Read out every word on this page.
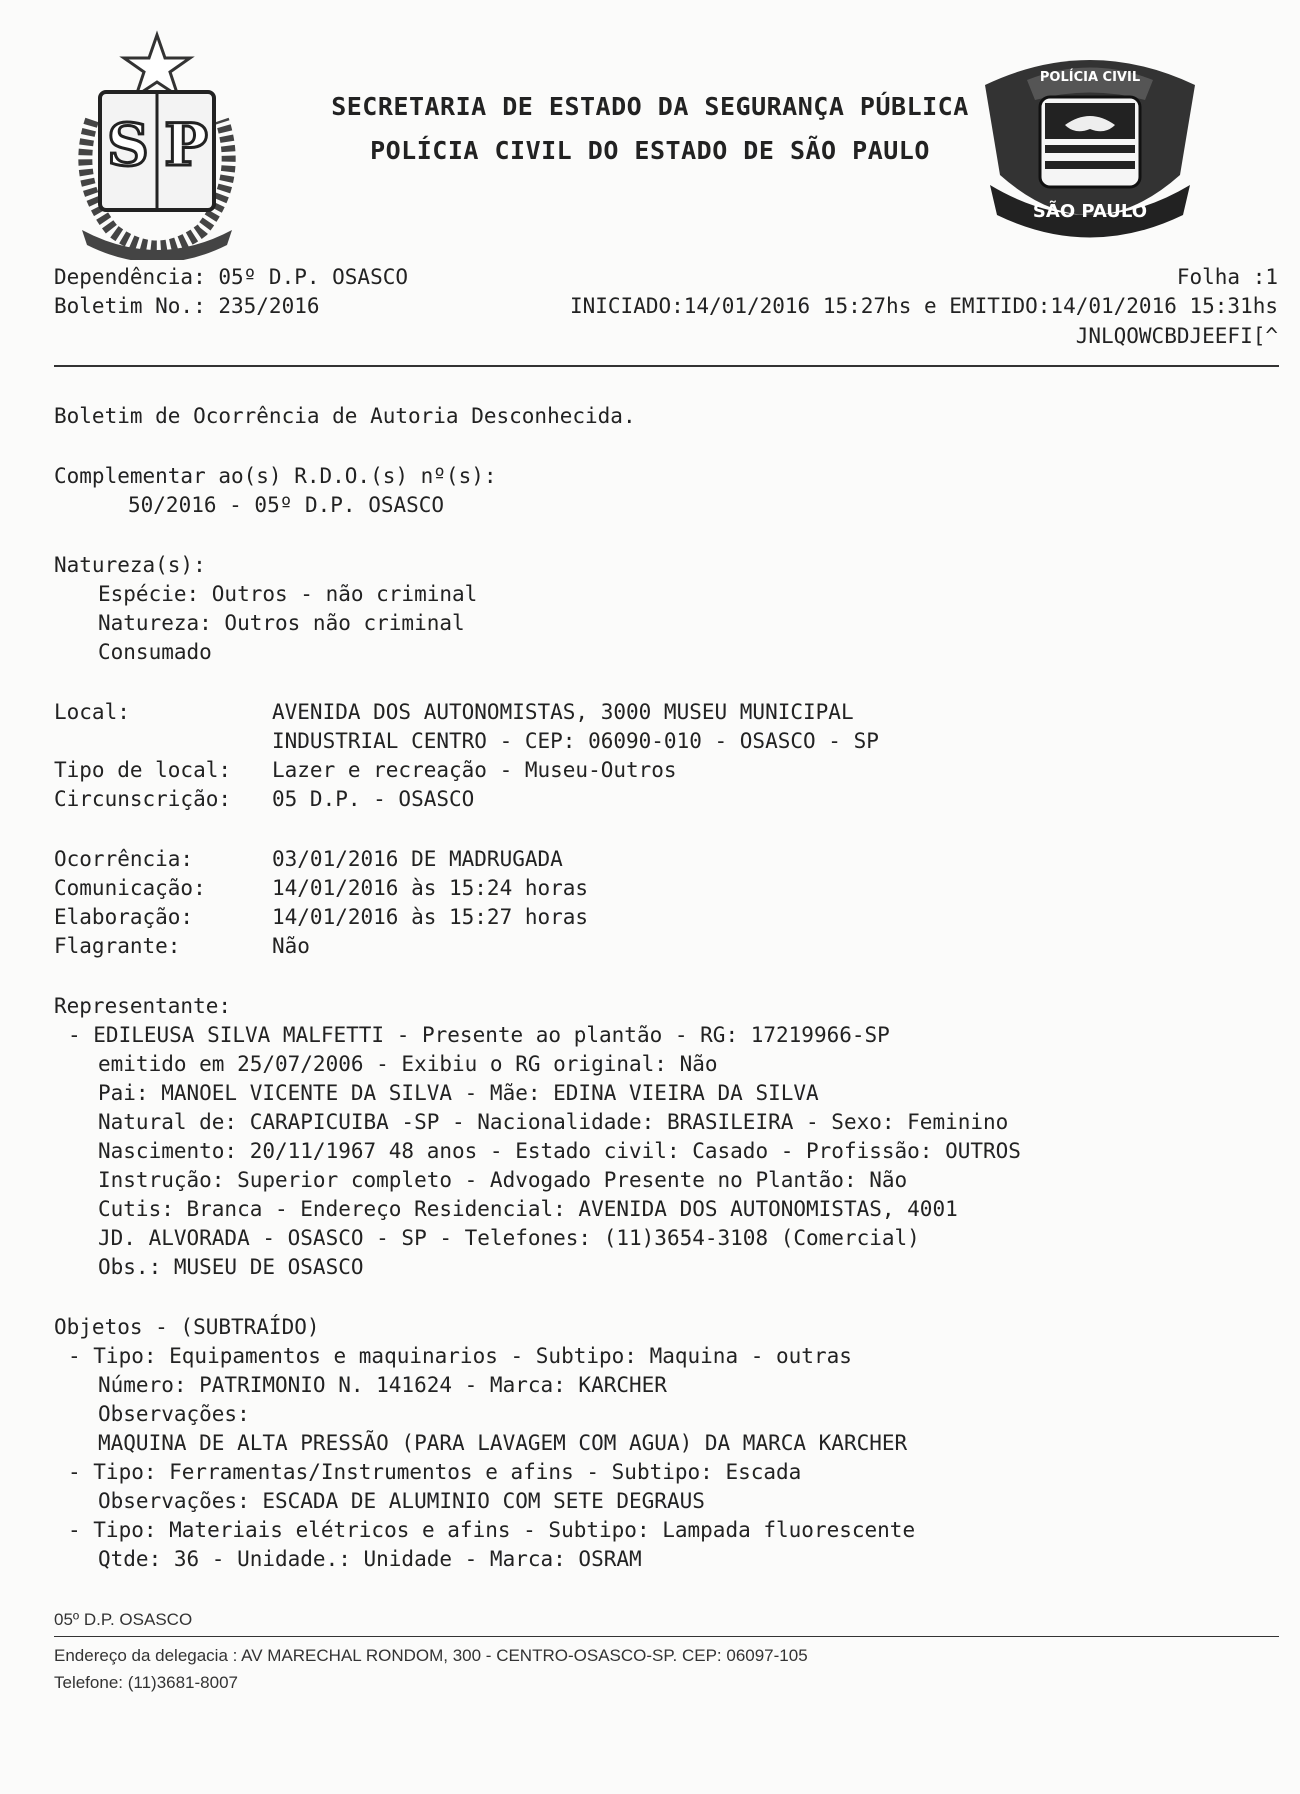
S P
POLÍCIA CIVIL
SÃO PAULO
SECRETARIA DE ESTADO DA SEGURANÇA PÚBLICA
POLÍCIA CIVIL DO ESTADO DE SÃO PAULO
Dependência: 05º D.P. OSASCO	Folha :1
Boletim No.: 235/2016	INICIADO:14/01/2016 15:27hs e EMITIDO:14/01/2016 15:31hs
JNLQOWCBDJEEFI[^
Boletim de Ocorrência de Autoria Desconhecida.
Complementar ao(s) R.D.O.(s) nº(s):
50/2016 - 05º D.P. OSASCO
Natureza(s):
Espécie: Outros - não criminal
Natureza: Outros não criminal
Consumado
Local:	AVENIDA DOS AUTONOMISTAS, 3000 MUSEU MUNICIPAL
INDUSTRIAL CENTRO - CEP: 06090-010 - OSASCO - SP
Tipo de local: Lazer e recreação - Museu-Outros
Circunscrição: 05 D.P. - OSASCO
Ocorrência:	03/01/2016 DE MADRUGADA
Comunicação:	14/01/2016 às 15:24 horas
Elaboração:	14/01/2016 às 15:27 horas
Flagrante:	Não
Representante:
- EDILEUSA SILVA MALFETTI - Presente ao plantão - RG: 17219966-SP
emitido em 25/07/2006 - Exibiu o RG original: Não
Pai: MANOEL VICENTE DA SILVA - Mãe: EDINA VIEIRA DA SILVA
Natural de: CARAPICUIBA -SP - Nacionalidade: BRASILEIRA - Sexo: Feminino
Nascimento: 20/11/1967 48 anos - Estado civil: Casado - Profissão: OUTROS
Instrução: Superior completo - Advogado Presente no Plantão: Não
Cutis: Branca - Endereço Residencial: AVENIDA DOS AUTONOMISTAS, 4001
JD. ALVORADA - OSASCO - SP - Telefones: (11)3654-3108 (Comercial)
Obs.: MUSEU DE OSASCO
Objetos - (SUBTRAÍDO)
- Tipo: Equipamentos e maquinarios - Subtipo: Maquina - outras
Número: PATRIMONIO N. 141624 - Marca: KARCHER
Observações:
MAQUINA DE ALTA PRESSÃO (PARA LAVAGEM COM AGUA) DA MARCA KARCHER
- Tipo: Ferramentas/Instrumentos e afins - Subtipo: Escada
Observações: ESCADA DE ALUMINIO COM SETE DEGRAUS
- Tipo: Materiais elétricos e afins - Subtipo: Lampada fluorescente
Qtde: 36 - Unidade.: Unidade - Marca: OSRAM
05º D.P. OSASCO
Endereço da delegacia : AV MARECHAL RONDOM, 300 - CENTRO-OSASCO-SP. CEP: 06097-105
Telefone: (11)3681-8007
